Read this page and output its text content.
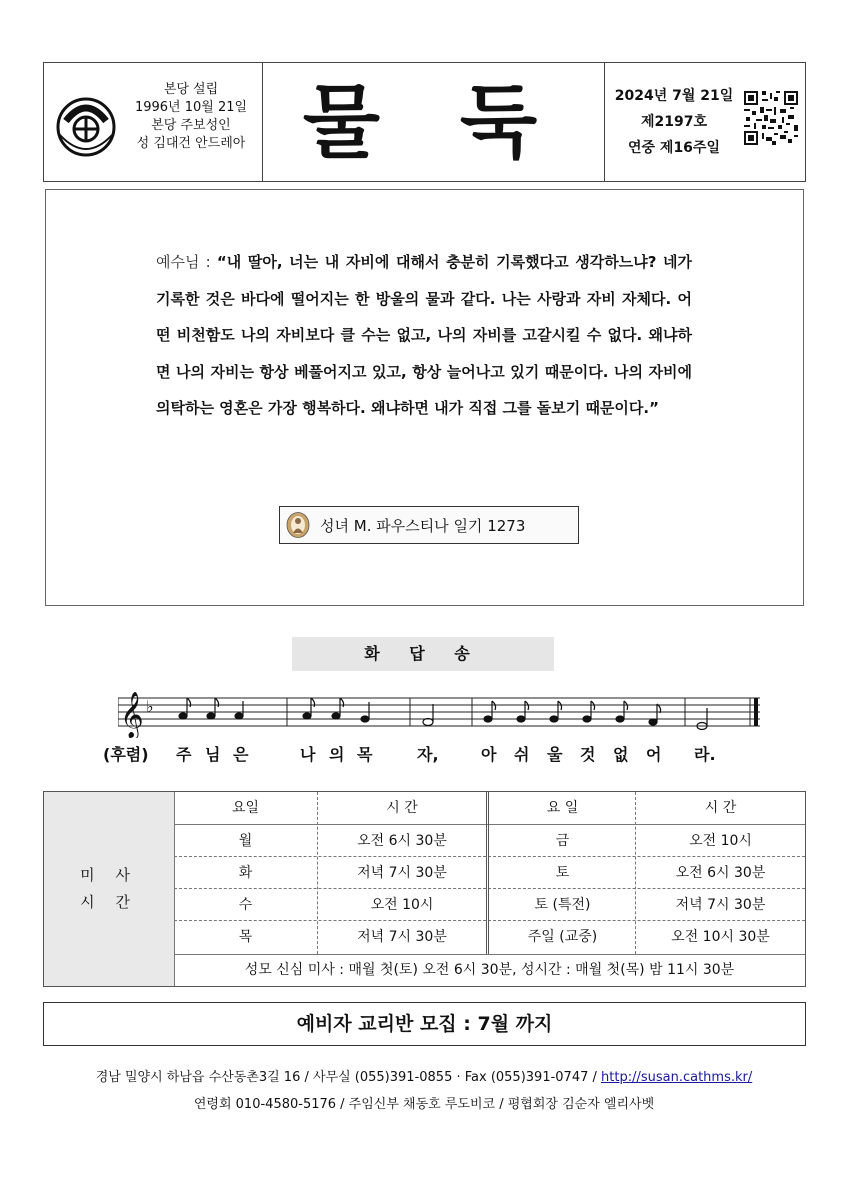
본당 설립
1996년 10월 21일
본당 주보성인
성 김대건 안드레아 물 둑	2024년 7월 21일
제2197호
연중 제16주일
예수님 : “내 딸아, 너는 내 자비에 대해서 충분히 기록했다고 생각하느냐? 네가 기록한 것은 바다에 떨어지는 한 방울의 물과 같다. 나는 사랑과 자비 자체다. 어떤 비천함도 나의 자비보다 클 수는 없고, 나의 자비를 고갈시킬 수 없다. 왜냐하면 나의 자비는 항상 베풀어지고 있고, 항상 늘어나고 있기 때문이다. 나의 자비에 의탁하는 영혼은 가장 행복하다. 왜냐하면 내가 직접 그를 돌보기 때문이다.”
성녀 M. 파우스티나 일기 1273
화 답 송
𝄞 ♭
(후렴) 주 님 은	나 의 목	자,	아 쉬 울 것 없 어 라.
미 사
시 간
요일	시 간	요 일	시 간
월	오전 6시 30분	금	오전 10시
화	저녁 7시 30분	토	오전 6시 30분
수	오전 10시	토 (특전)	저녁 7시 30분
목	저녁 7시 30분	주일 (교중)	오전 10시 30분
성모 신심 미사 : 매월 첫(토) 오전 6시 30분, 성시간 : 매월 첫(목) 밤 11시 30분
예비자 교리반 모집 : 7월 까지
경남 밀양시 하남읍 수산동촌3길 16 / 사무실 (055)391-0855 · Fax (055)391-0747 / http://susan.cathms.kr/
연령회 010-4580-5176 / 주임신부 채동호 루도비코 / 평협회장 김순자 엘리사벳
